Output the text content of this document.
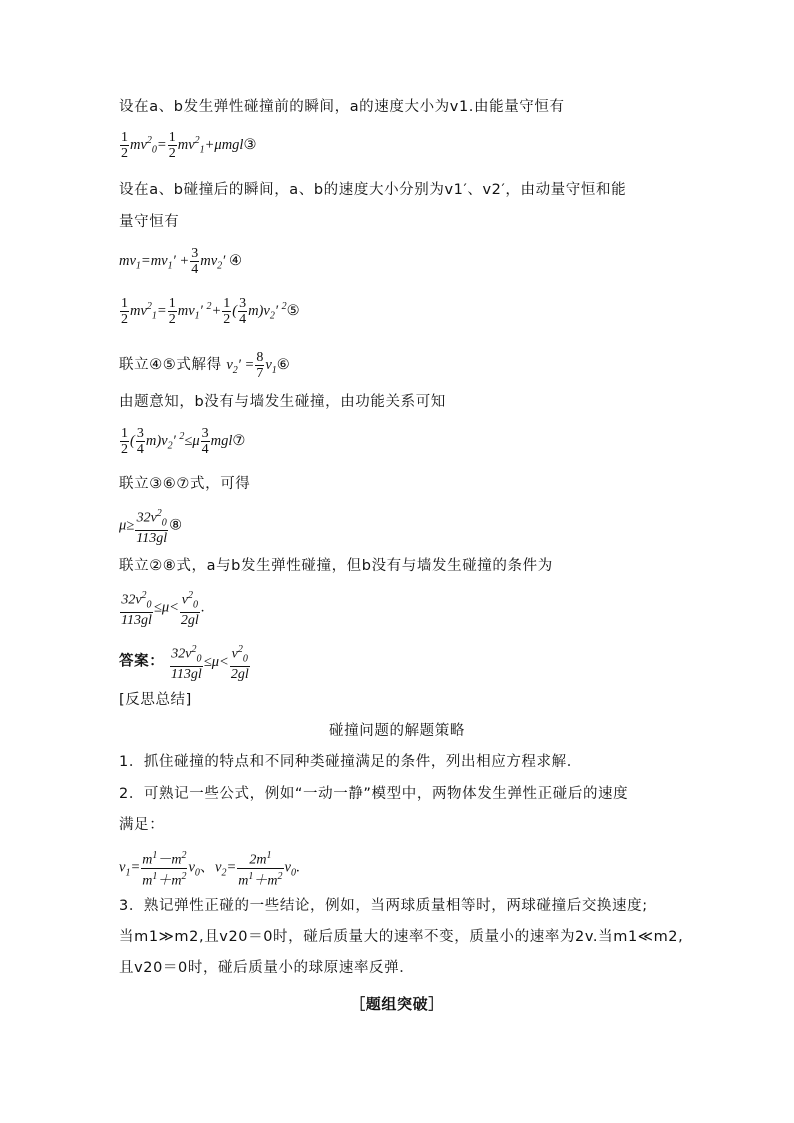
设在a、b发生弹性碰撞前的瞬间，a的速度大小为v1.由能量守恒有
$\frac{1}{2} mv^2_0= \frac{1}{2}$ $mv^2_1+\mu mgl③$
设在a、b碰撞后的瞬间，a、b的速度大小分别为v1′、v2′，由动量守恒和能
量守恒有
$mv_1=mv_1' + \frac{3}{4} mv_2'$ ④
$\frac{1}{2} mv^2_1= \frac{1}{2} mv_1'$ $^2+ \frac{1}{2}$ ( $\frac{3}{4} m)v_2'$ $^2$⑤
联立④⑤式解得 $v_2' = \frac{8}{7}$ $v_1⑥$
由题意知，b没有与墙发生碰撞，由功能关系可知
$\frac{1}{2}$ ( $\frac{3}{4} m)v_2'$ $^2\le\mu \frac{3}{4}$ mgl⑦
联立③⑥⑦式，可得
$\mu\ge \frac{32v^2_0}{113gl}$ ⑧
联立②⑧式，a与b发生弹性碰撞，但b没有与墙发生碰撞的条件为
$\frac{32v^2_0}{113gl} \le\mu< \frac{v^2_0}{2gl}$ .
答案： $\frac{32v^2_0}{113gl} \le\mu< \frac{v^2_0}{2gl}$
[反思总结]
碰撞问题的解题策略
1．抓住碰撞的特点和不同种类碰撞满足的条件，列出相应方程求解．
2．可熟记一些公式，例如“一动一静”模型中，两物体发生弹性正碰后的速度
满足：
$v_1= \frac{m^1-m^2}{m^1+m^2} v_0$、$v_2= \frac{2m^1}{m^1+m^2} v_0$.
3．熟记弹性正碰的一些结论，例如，当两球质量相等时，两球碰撞后交换速度;
当m1≫m2,且v20＝0时，碰后质量大的速率不变，质量小的速率为2v.当m1≪m2,
且v20＝0时，碰后质量小的球原速率反弹．
［题组突破］
